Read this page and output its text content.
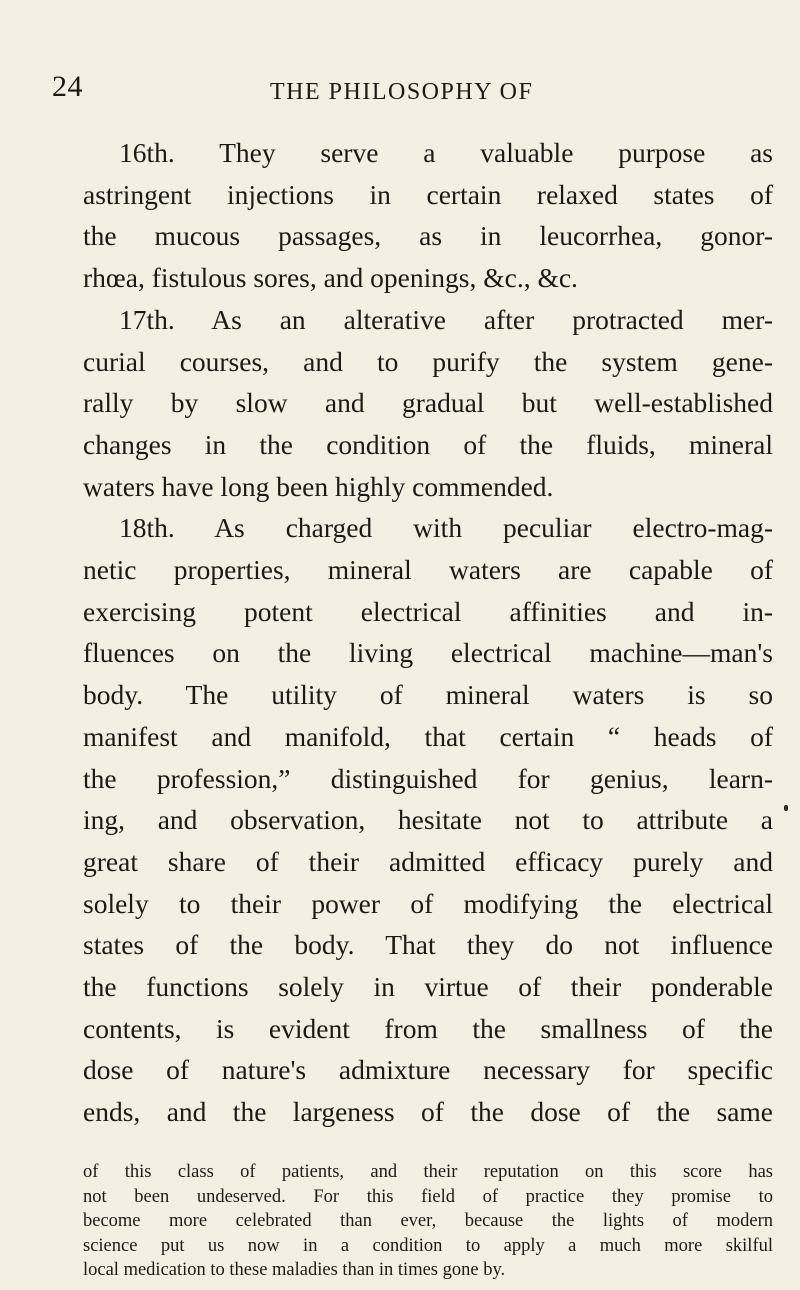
24	THE PHILOSOPHY OF
16th. They serve a valuable purpose as
astringent injections in certain relaxed states of
the mucous passages, as in leucorrhea, gonor-
rhœa, fistulous sores, and openings, &c., &c.
17th. As an alterative after protracted mer-
curial courses, and to purify the system gene-
rally by slow and gradual but well-established
changes in the condition of the fluids, mineral
waters have long been highly commended.
18th. As charged with peculiar electro-mag-
netic properties, mineral waters are capable of
exercising potent electrical affinities and in-
fluences on the living electrical machine—man's
body. The utility of mineral waters is so
manifest and manifold, that certain “ heads of
the profession,” distinguished for genius, learn-
ing, and observation, hesitate not to attribute a
great share of their admitted efficacy purely and
solely to their power of modifying the electrical
states of the body. That they do not influence
the functions solely in virtue of their ponderable
contents, is evident from the smallness of the
dose of nature's admixture necessary for specific
ends, and the largeness of the dose of the same
of this class of patients, and their reputation on this score has
not been undeserved. For this field of practice they promise to
become more celebrated than ever, because the lights of modern
science put us now in a condition to apply a much more skilful
local medication to these maladies than in times gone by.
